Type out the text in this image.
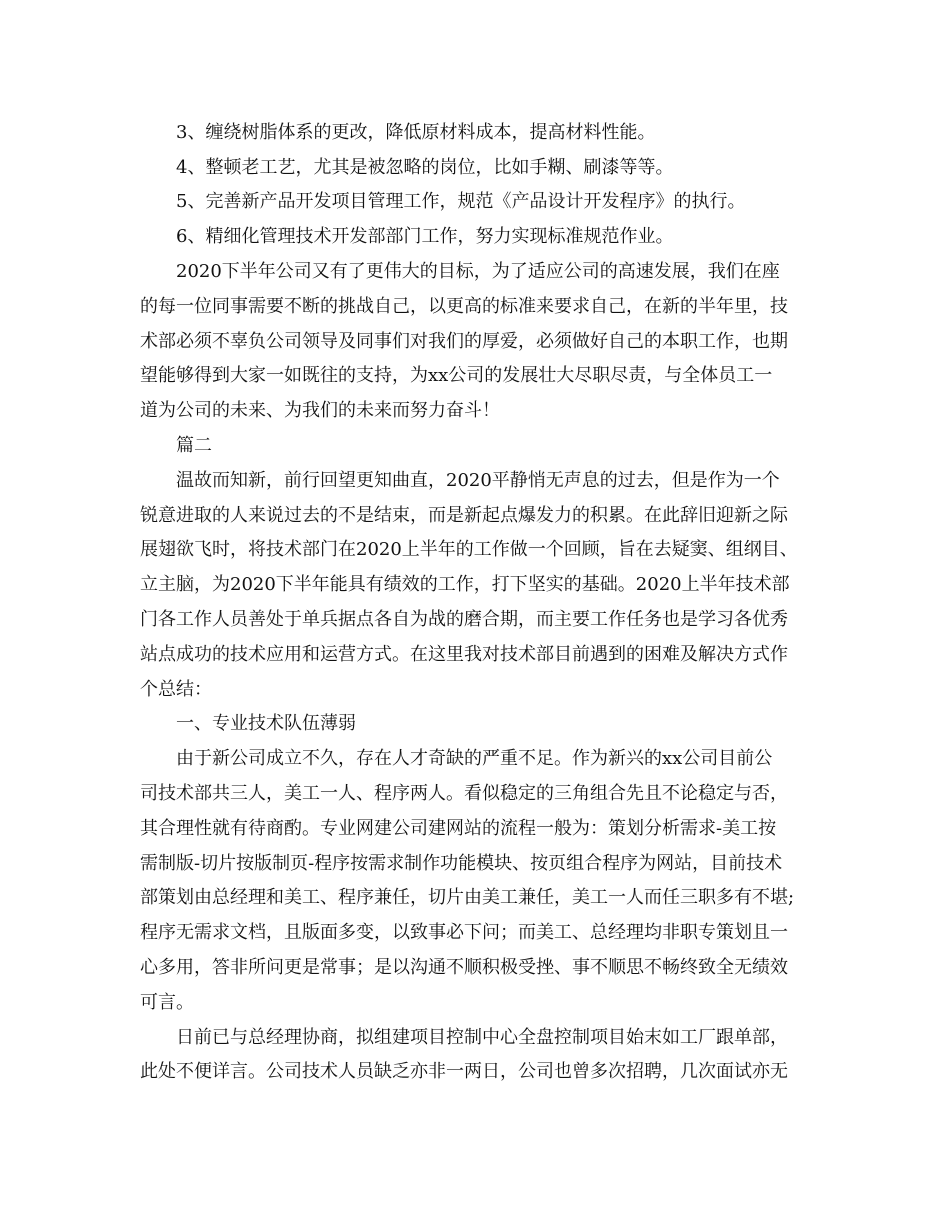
3、缠绕树脂体系的更改，降低原材料成本，提高材料性能。
4、整顿老工艺，尤其是被忽略的岗位，比如手糊、刷漆等等。
5、完善新产品开发项目管理工作，规范《产品设计开发程序》的执行。
6、精细化管理技术开发部部门工作，努力实现标准规范作业。
2020下半年公司又有了更伟大的目标，为了适应公司的高速发展，我们在座
的每一位同事需要不断的挑战自己，以更高的标准来要求自己，在新的半年里，技
术部必须不辜负公司领导及同事们对我们的厚爱，必须做好自己的本职工作，也期
望能够得到大家一如既往的支持，为xx公司的发展壮大尽职尽责，与全体员工一
道为公司的未来、为我们的未来而努力奋斗！
篇二
温故而知新，前行回望更知曲直，2020平静悄无声息的过去，但是作为一个
锐意进取的人来说过去的不是结束，而是新起点爆发力的积累。在此辞旧迎新之际
展翅欲飞时，将技术部门在2020上半年的工作做一个回顾，旨在去疑窦、组纲目、
立主脑，为2020下半年能具有绩效的工作，打下坚实的基础。2020上半年技术部
门各工作人员善处于单兵据点各自为战的磨合期，而主要工作任务也是学习各优秀
站点成功的技术应用和运营方式。在这里我对技术部目前遇到的困难及解决方式作
个总结：
一、专业技术队伍薄弱
由于新公司成立不久，存在人才奇缺的严重不足。作为新兴的xx公司目前公
司技术部共三人，美工一人、程序两人。看似稳定的三角组合先且不论稳定与否，
其合理性就有待商酌。专业网建公司建网站的流程一般为：策划分析需求-美工按
需制版-切片按版制页-程序按需求制作功能模块、按页组合程序为网站，目前技术
部策划由总经理和美工、程序兼任，切片由美工兼任，美工一人而任三职多有不堪;
程序无需求文档，且版面多变，以致事必下问；而美工、总经理均非职专策划且一
心多用，答非所问更是常事；是以沟通不顺积极受挫、事不顺思不畅终致全无绩效
可言。
日前已与总经理协商，拟组建项目控制中心全盘控制项目始末如工厂跟单部，
此处不便详言。公司技术人员缺乏亦非一两日，公司也曾多次招聘，几次面试亦无
